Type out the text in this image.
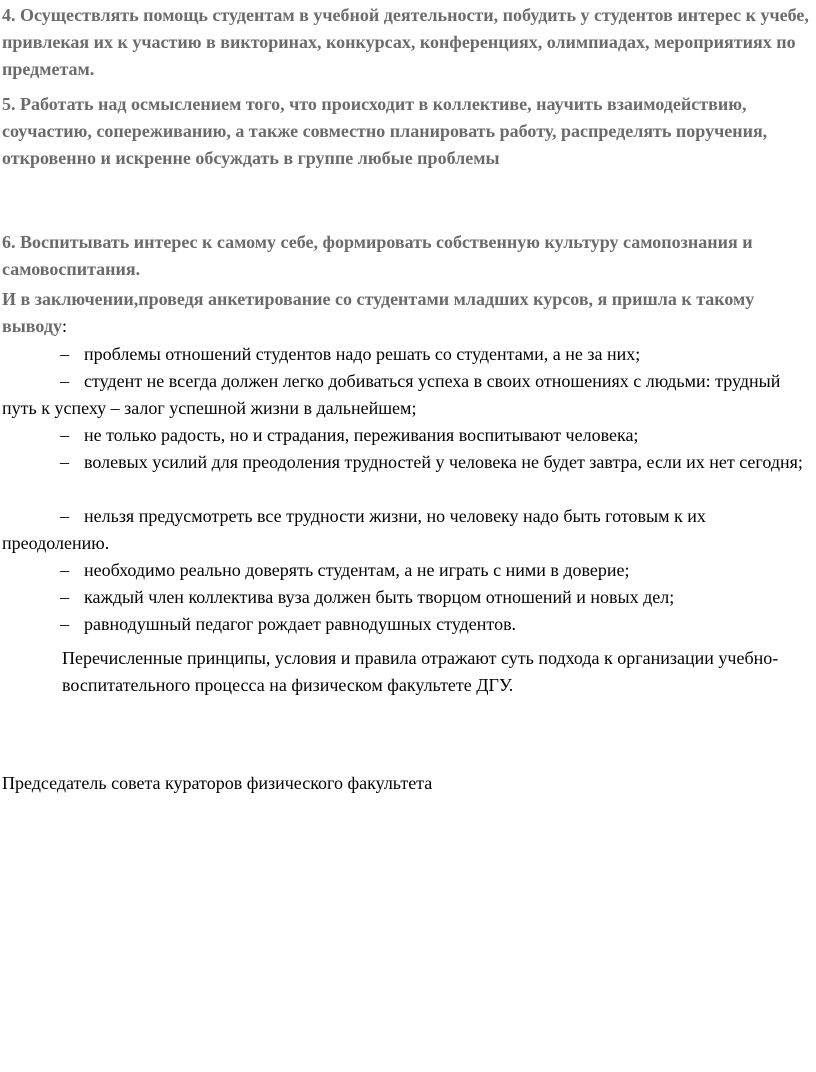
4. Осуществлять помощь студентам в учебной деятельности, побудить у студентов интерес к учебе, привлекая их к участию в викторинах, конкурсах, конференциях, олимпиадах, мероприятиях по предметам.
5. Работать над осмыслением того, что происходит в коллективе, научить взаимодействию, соучастию, сопереживанию, а также совместно планировать работу, распределять поручения, откровенно и искренне обсуждать в группе любые проблемы
6. Воспитывать интерес к самому себе, формировать собственную культуру самопознания и самовоспитания.
И в заключении,проведя анкетирование со студентами младших курсов, я пришла к такому выводу:
– проблемы отношений студентов надо решать со студентами, а не за них;
– студент не всегда должен легко добиваться успеха в своих отношениях с людьми: трудный путь к успеху – залог успешной жизни в дальнейшем;
– не только радость, но и страдания, переживания воспитывают человека;
– волевых усилий для преодоления трудностей у человека не будет завтра, если их нет сегодня;
– нельзя предусмотреть все трудности жизни, но человеку надо быть готовым к их преодолению.
– необходимо реально доверять студентам, а не играть с ними в доверие;
– каждый член коллектива вуза должен быть творцом отношений и новых дел;
– равнодушный педагог рождает равнодушных студентов.
Перечисленные принципы, условия и правила отражают суть подхода к организации учебно-воспитательного процесса на физическом факультете ДГУ.
Председатель совета кураторов физического факультета
